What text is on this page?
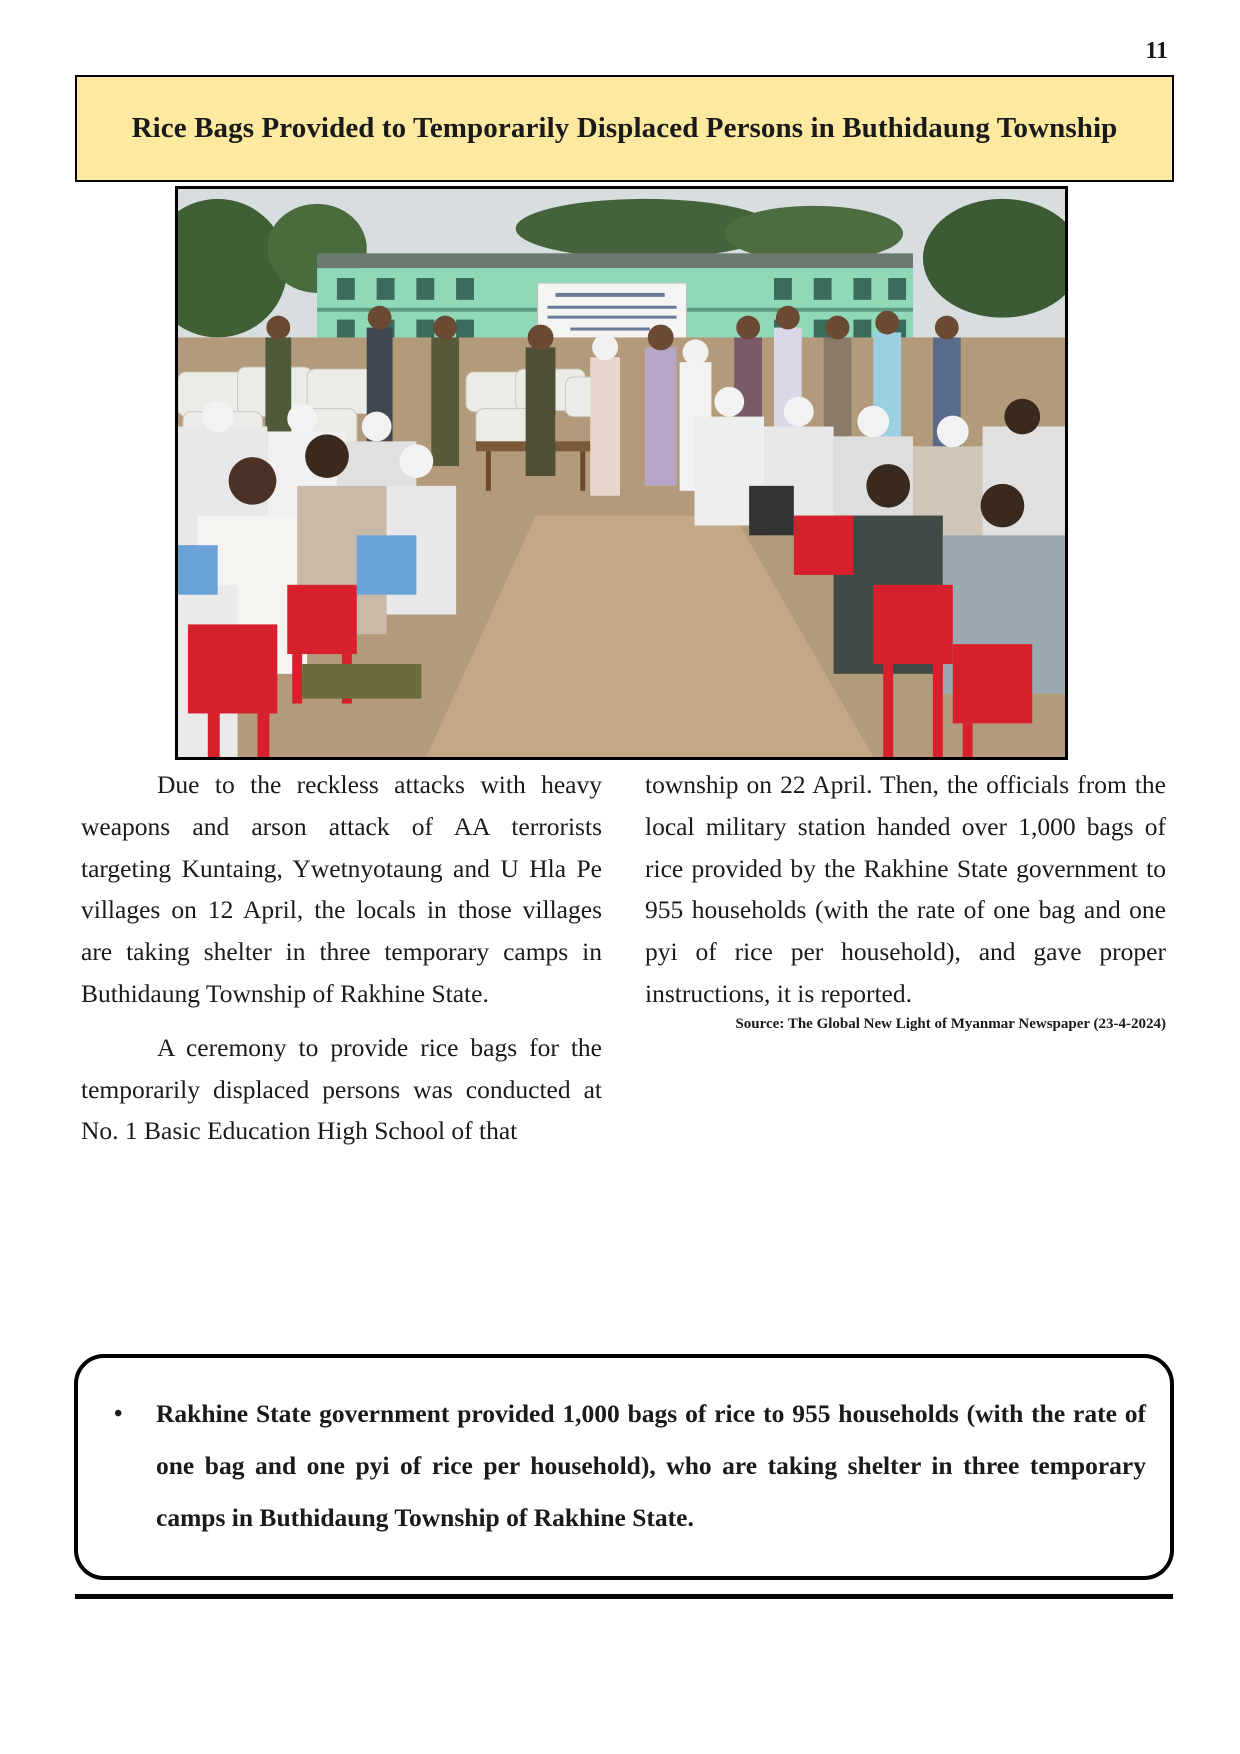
11
Rice Bags Provided to Temporarily Displaced Persons in Buthidaung Township

Due to the reckless attacks with heavy weapons and arson attack of AA terrorists targeting Kuntaing, Ywetnyotaung and U Hla Pe villages on 12 April, the locals in those villages are taking shelter in three temporary camps in Buthidaung Township of Rakhine State.

A ceremony to provide rice bags for the temporarily displaced persons was conducted at No. 1 Basic Education High School of that

Source: The Global New Light of Myanmar Newspaper (23-4-2024)
• Rakhine State government provided 1,000 bags of rice to 955 households (with the rate of one bag and one pyi of rice per household), who are taking shelter in three temporary camps in Buthidaung Township of Rakhine State.

township on 22 April. Then, the officials from the local military station handed over 1,000 bags of rice provided by the Rakhine State government to 955 households (with the rate of one bag and one pyi of rice per household), and gave proper instructions, it is reported.
